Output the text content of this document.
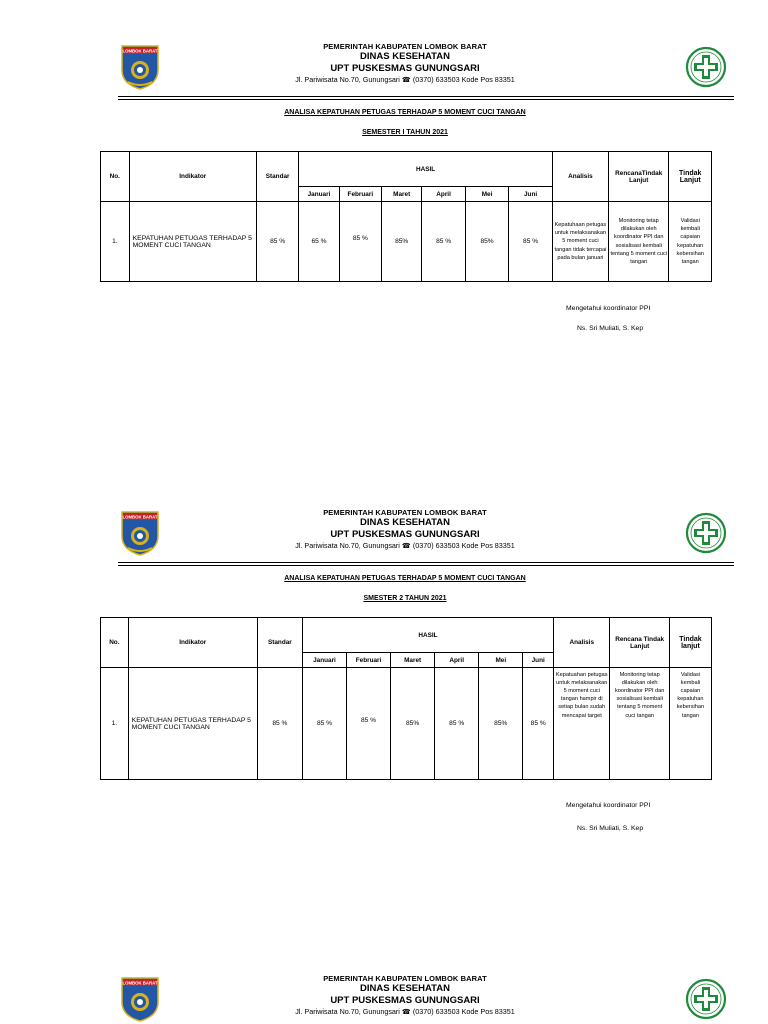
LOMBOK BARAT	PEMERINTAH KABUPATEN LOMBOK BARAT
DINAS KESEHATAN
UPT PUSKESMAS GUNUNGSARI
Jl. Pariwisata No.70, Gunungsari ☎ (0370) 633503 Kode Pos 83351
ANALISA KEPATUHAN PETUGAS TERHADAP 5 MOMENT CUCI TANGAN
SEMESTER I TAHUN 2021
No.	Indikator	Standar	HASIL						Analisis	RencanaTindak Lanjut	Tindak Lanjut
			Januari	Februari	Maret	April	Mei	Juni			
1.	KEPATUHAN PETUGAS TERHADAP 5 MOMENT CUCI TANGAN	85 %	65 %	85 %	85%	85 %	85%	85 %	Kepatuhaan petugas untuk melaksanakan 5 moment cuci tangan tidak tercapai pada bulan januari	Monitoring tetap dilakukan oleh koordinator PPI dan sosialisasi kembali tentang 5 moment cuci tangan	Validasi kembali capaian kepatuhan kebersihan tangan
Mengetahui koordinator PPI
Ns. Sri Muliati, S. Kep
LOMBOK BARAT	PEMERINTAH KABUPATEN LOMBOK BARAT
DINAS KESEHATAN
UPT PUSKESMAS GUNUNGSARI
Jl. Pariwisata No.70, Gunungsari ☎ (0370) 633503 Kode Pos 83351
ANALISA KEPATUHAN PETUGAS TERHADAP 5 MOMENT CUCI TANGAN
SMESTER 2 TAHUN 2021
No.	Indikator	Standar	HASIL						Analisis	Rencana Tindak Lanjut	Tindak lanjut
			Januari	Februari	Maret	April	Mei	Juni			
1.	KEPATUHAN PETUGAS TERHADAP 5 MOMENT CUCI TANGAN	85 %	85 %	85 %	85%	85 %	85%	85 %	Kepatuahan petugas untuk melaksanakan 5 moment cuci tangan hampir di setiap bulan sudah mencapai target	Monitoring tetap dilakukan oleh koordinator PPI dan sosialisasi kembali tentang 5 moment cuci tangan	Validasi kembali capaian kepatuhan kebersihan tangan
Mengetahui koordinator PPI
Ns. Sri Muliati, S. Kep
LOMBOK BARAT	PEMERINTAH KABUPATEN LOMBOK BARAT
DINAS KESEHATAN
UPT PUSKESMAS GUNUNGSARI
Jl. Pariwisata No.70, Gunungsari ☎ (0370) 633503 Kode Pos 83351
